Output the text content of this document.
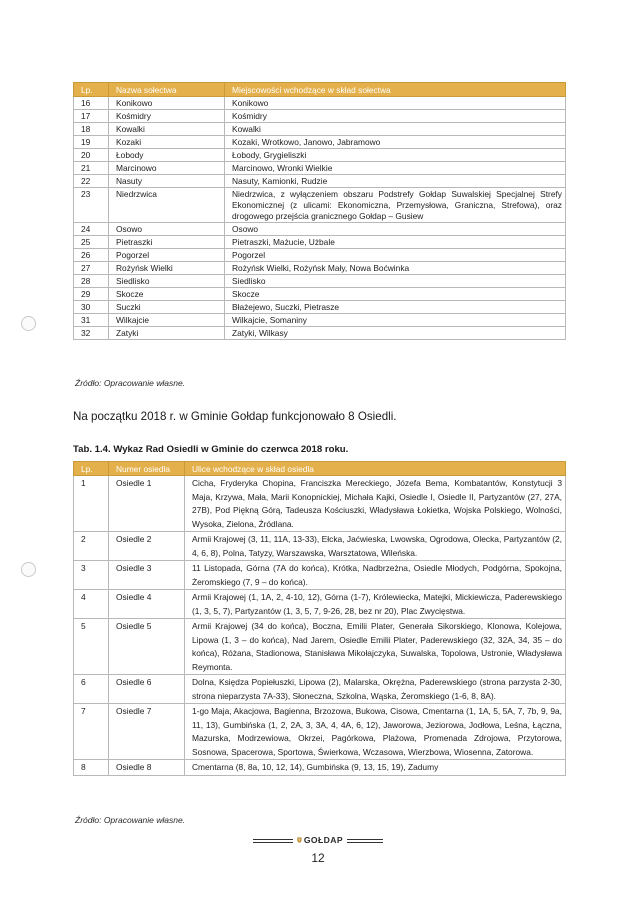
Lp.	Nazwa sołectwa	Miejscowości wchodzące w skład sołectwa
16	Konikowo	Konikowo
17	Kośmidry	Kośmidry
18	Kowalki	Kowalki
19	Kozaki	Kozaki, Wrotkowo, Janowo, Jabramowo
20	Łobody	Łobody, Grygieliszki
21	Marcinowo	Marcinowo, Wronki Wielkie
22	Nasuty	Nasuty, Kamionki, Rudzie
23	Niedrzwica	Niedrzwica, z wyłączeniem obszaru Podstrefy Gołdap Suwalskiej Specjalnej Strefy Ekonomicznej (z ulicami: Ekonomiczna, Przemysłowa, Graniczna, Strefowa), oraz drogowego przejścia granicznego Gołdap – Gusiew
24	Osowo	Osowo
25	Pietraszki	Pietraszki, Mażucie, Użbale
26	Pogorzel	Pogorzel
27	Rożyńsk Wielki	Rożyńsk Wielki, Rożyńsk Mały, Nowa Boćwinka
28	Siedlisko	Siedlisko
29	Skocze	Skocze
30	Suczki	Błażejewo, Suczki, Pietrasze
31	Wilkajcie	Wilkajcie, Somaniny
32	Zatyki	Zatyki, Wilkasy
Źródło: Opracowanie własne.
Na początku 2018 r. w Gminie Gołdap funkcjonowało 8 Osiedli.
Tab. 1.4. Wykaz Rad Osiedli w Gminie do czerwca 2018 roku.
Lp.	Numer osiedla	Ulice wchodzące w skład osiedla
1	Osiedle 1	Cicha, Fryderyka Chopina, Franciszka Mereckiego, Józefa Bema, Kombatantów, Konstytucji 3 Maja, Krzywa, Mała, Marii Konopnickiej, Michała Kajki, Osiedle I, Osiedle II, Partyzantów (27, 27A, 27B), Pod Piękną Górą, Tadeusza Kościuszki, Władysława Łokietka, Wojska Polskiego, Wolności, Wysoka, Zielona, Źródlana.
2	Osiedle 2	Armii Krajowej (3, 11, 11A, 13-33), Ełcka, Jaćwieska, Lwowska, Ogrodowa, Olecka, Partyzantów (2, 4, 6, 8), Polna, Tatyzy, Warszawska, Warsztatowa, Wileńska.
3	Osiedle 3	11 Listopada, Górna (7A do końca), Krótka, Nadbrzeżna, Osiedle Młodych, Podgórna, Spokojna, Żeromskiego (7, 9 – do końca).
4	Osiedle 4	Armii Krajowej (1, 1A, 2, 4-10, 12), Górna (1-7), Królewiecka, Matejki, Mickiewicza, Paderewskiego (1, 3, 5, 7), Partyzantów (1, 3, 5, 7, 9-26, 28, bez nr 20), Plac Zwycięstwa.
5	Osiedle 5	Armii Krajowej (34 do końca), Boczna, Emilii Plater, Generała Sikorskiego, Klonowa, Kolejowa, Lipowa (1, 3 – do końca), Nad Jarem, Osiedle Emilii Plater, Paderewskiego (32, 32A, 34, 35 – do końca), Różana, Stadionowa, Stanisława Mikołajczyka, Suwalska, Topolowa, Ustronie, Władysława Reymonta.
6	Osiedle 6	Dolna, Księdza Popiełuszki, Lipowa (2), Malarska, Okrężna, Paderewskiego (strona parzysta 2-30, strona nieparzysta 7A-33), Słoneczna, Szkolna, Wąska, Żeromskiego (1-6, 8, 8A).
7	Osiedle 7	1-go Maja, Akacjowa, Bagienna, Brzozowa, Bukowa, Cisowa, Cmentarna (1, 1A, 5, 5A, 7, 7b, 9, 9a, 11, 13), Gumbińska (1, 2, 2A, 3, 3A, 4, 4A, 6, 12), Jaworowa, Jeziorowa, Jodłowa, Leśna, Łączna, Mazurska, Modrzewiowa, Okrzei, Pagórkowa, Plażowa, Promenada Zdrojowa, Przytorowa, Sosnowa, Spacerowa, Sportowa, Świerkowa, Wczasowa, Wierzbowa, Wiosenna, Zatorowa.
8	Osiedle 8	Cmentarna (8, 8a, 10, 12, 14), Gumbińska (9, 13, 15, 19), Zadumy
Źródło: Opracowanie własne.
GOŁDAP
12
